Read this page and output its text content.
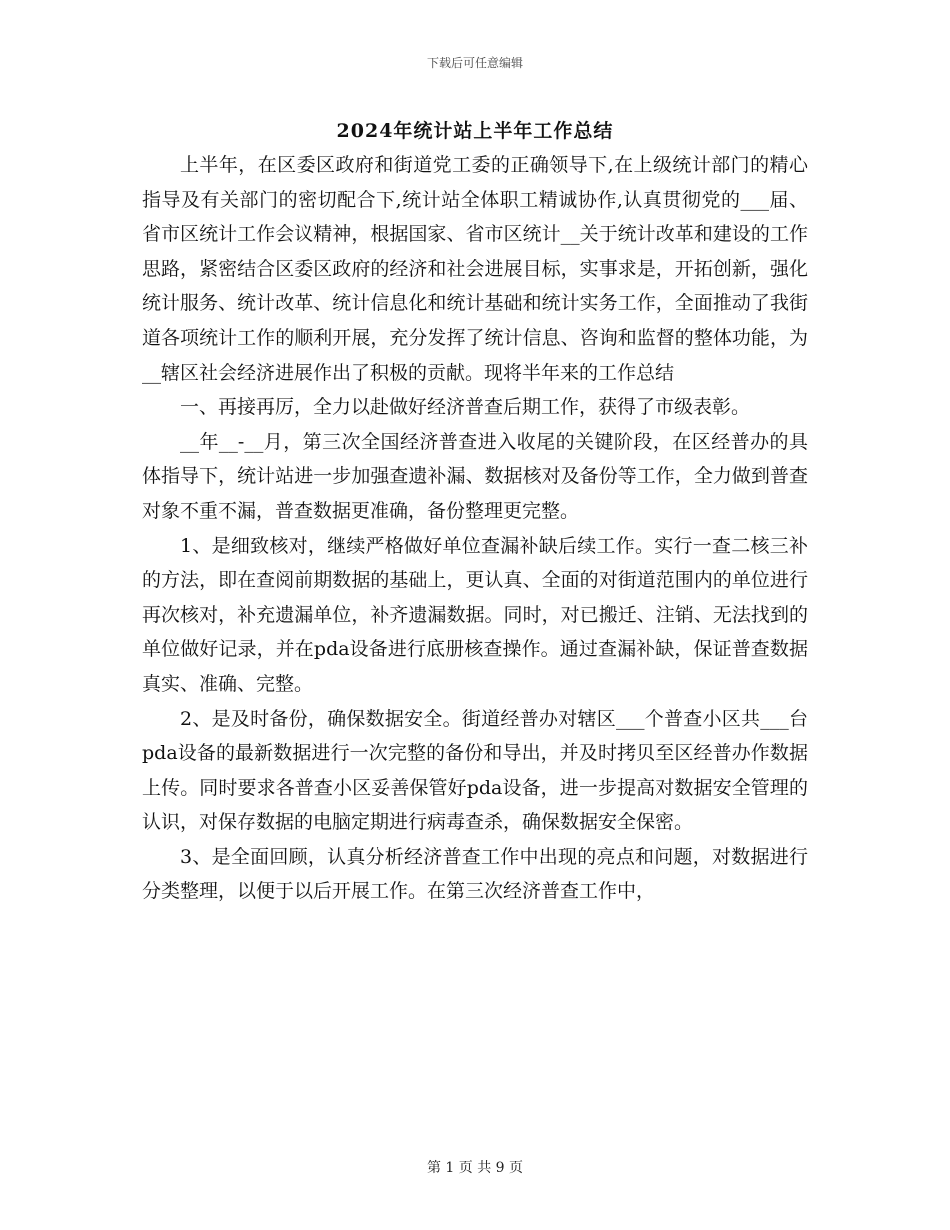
下载后可任意编辑
2024年统计站上半年工作总结

上半年，在区委区政府和街道党工委的正确领导下,在上级统计部门的精心指导及有关部门的密切配合下,统计站全体职工精诚协作,认真贯彻党的___届、省市区统计工作会议精神，根据国家、省市区统计__关于统计改革和建设的工作思路，紧密结合区委区政府的经济和社会进展目标，实事求是，开拓创新，强化统计服务、统计改革、统计信息化和统计基础和统计实务工作，全面推动了我街道各项统计工作的顺利开展，充分发挥了统计信息、咨询和监督的整体功能，为__辖区社会经济进展作出了积极的贡献。现将半年来的工作总结

一、再接再厉，全力以赴做好经济普查后期工作，获得了市级表彰。

__年__-__月，第三次全国经济普查进入收尾的关键阶段，在区经普办的具体指导下，统计站进一步加强查遗补漏、数据核对及备份等工作，全力做到普查对象不重不漏，普查数据更准确，备份整理更完整。

1、是细致核对，继续严格做好单位查漏补缺后续工作。实行一查二核三补的方法，即在查阅前期数据的基础上，更认真、全面的对街道范围内的单位进行再次核对，补充遗漏单位，补齐遗漏数据。同时，对已搬迁、注销、无法找到的单位做好记录，并在pda设备进行底册核查操作。通过查漏补缺，保证普查数据真实、准确、完整。

2、是及时备份，确保数据安全。街道经普办对辖区___个普查小区共___台pda设备的最新数据进行一次完整的备份和导出，并及时拷贝至区经普办作数据上传。同时要求各普查小区妥善保管好pda设备，进一步提高对数据安全管理的认识，对保存数据的电脑定期进行病毒查杀，确保数据安全保密。

3、是全面回顾，认真分析经济普查工作中出现的亮点和问题，对数据进行分类整理，以便于以后开展工作。在第三次经济普查工作中，

第 1 页 共 9 页
